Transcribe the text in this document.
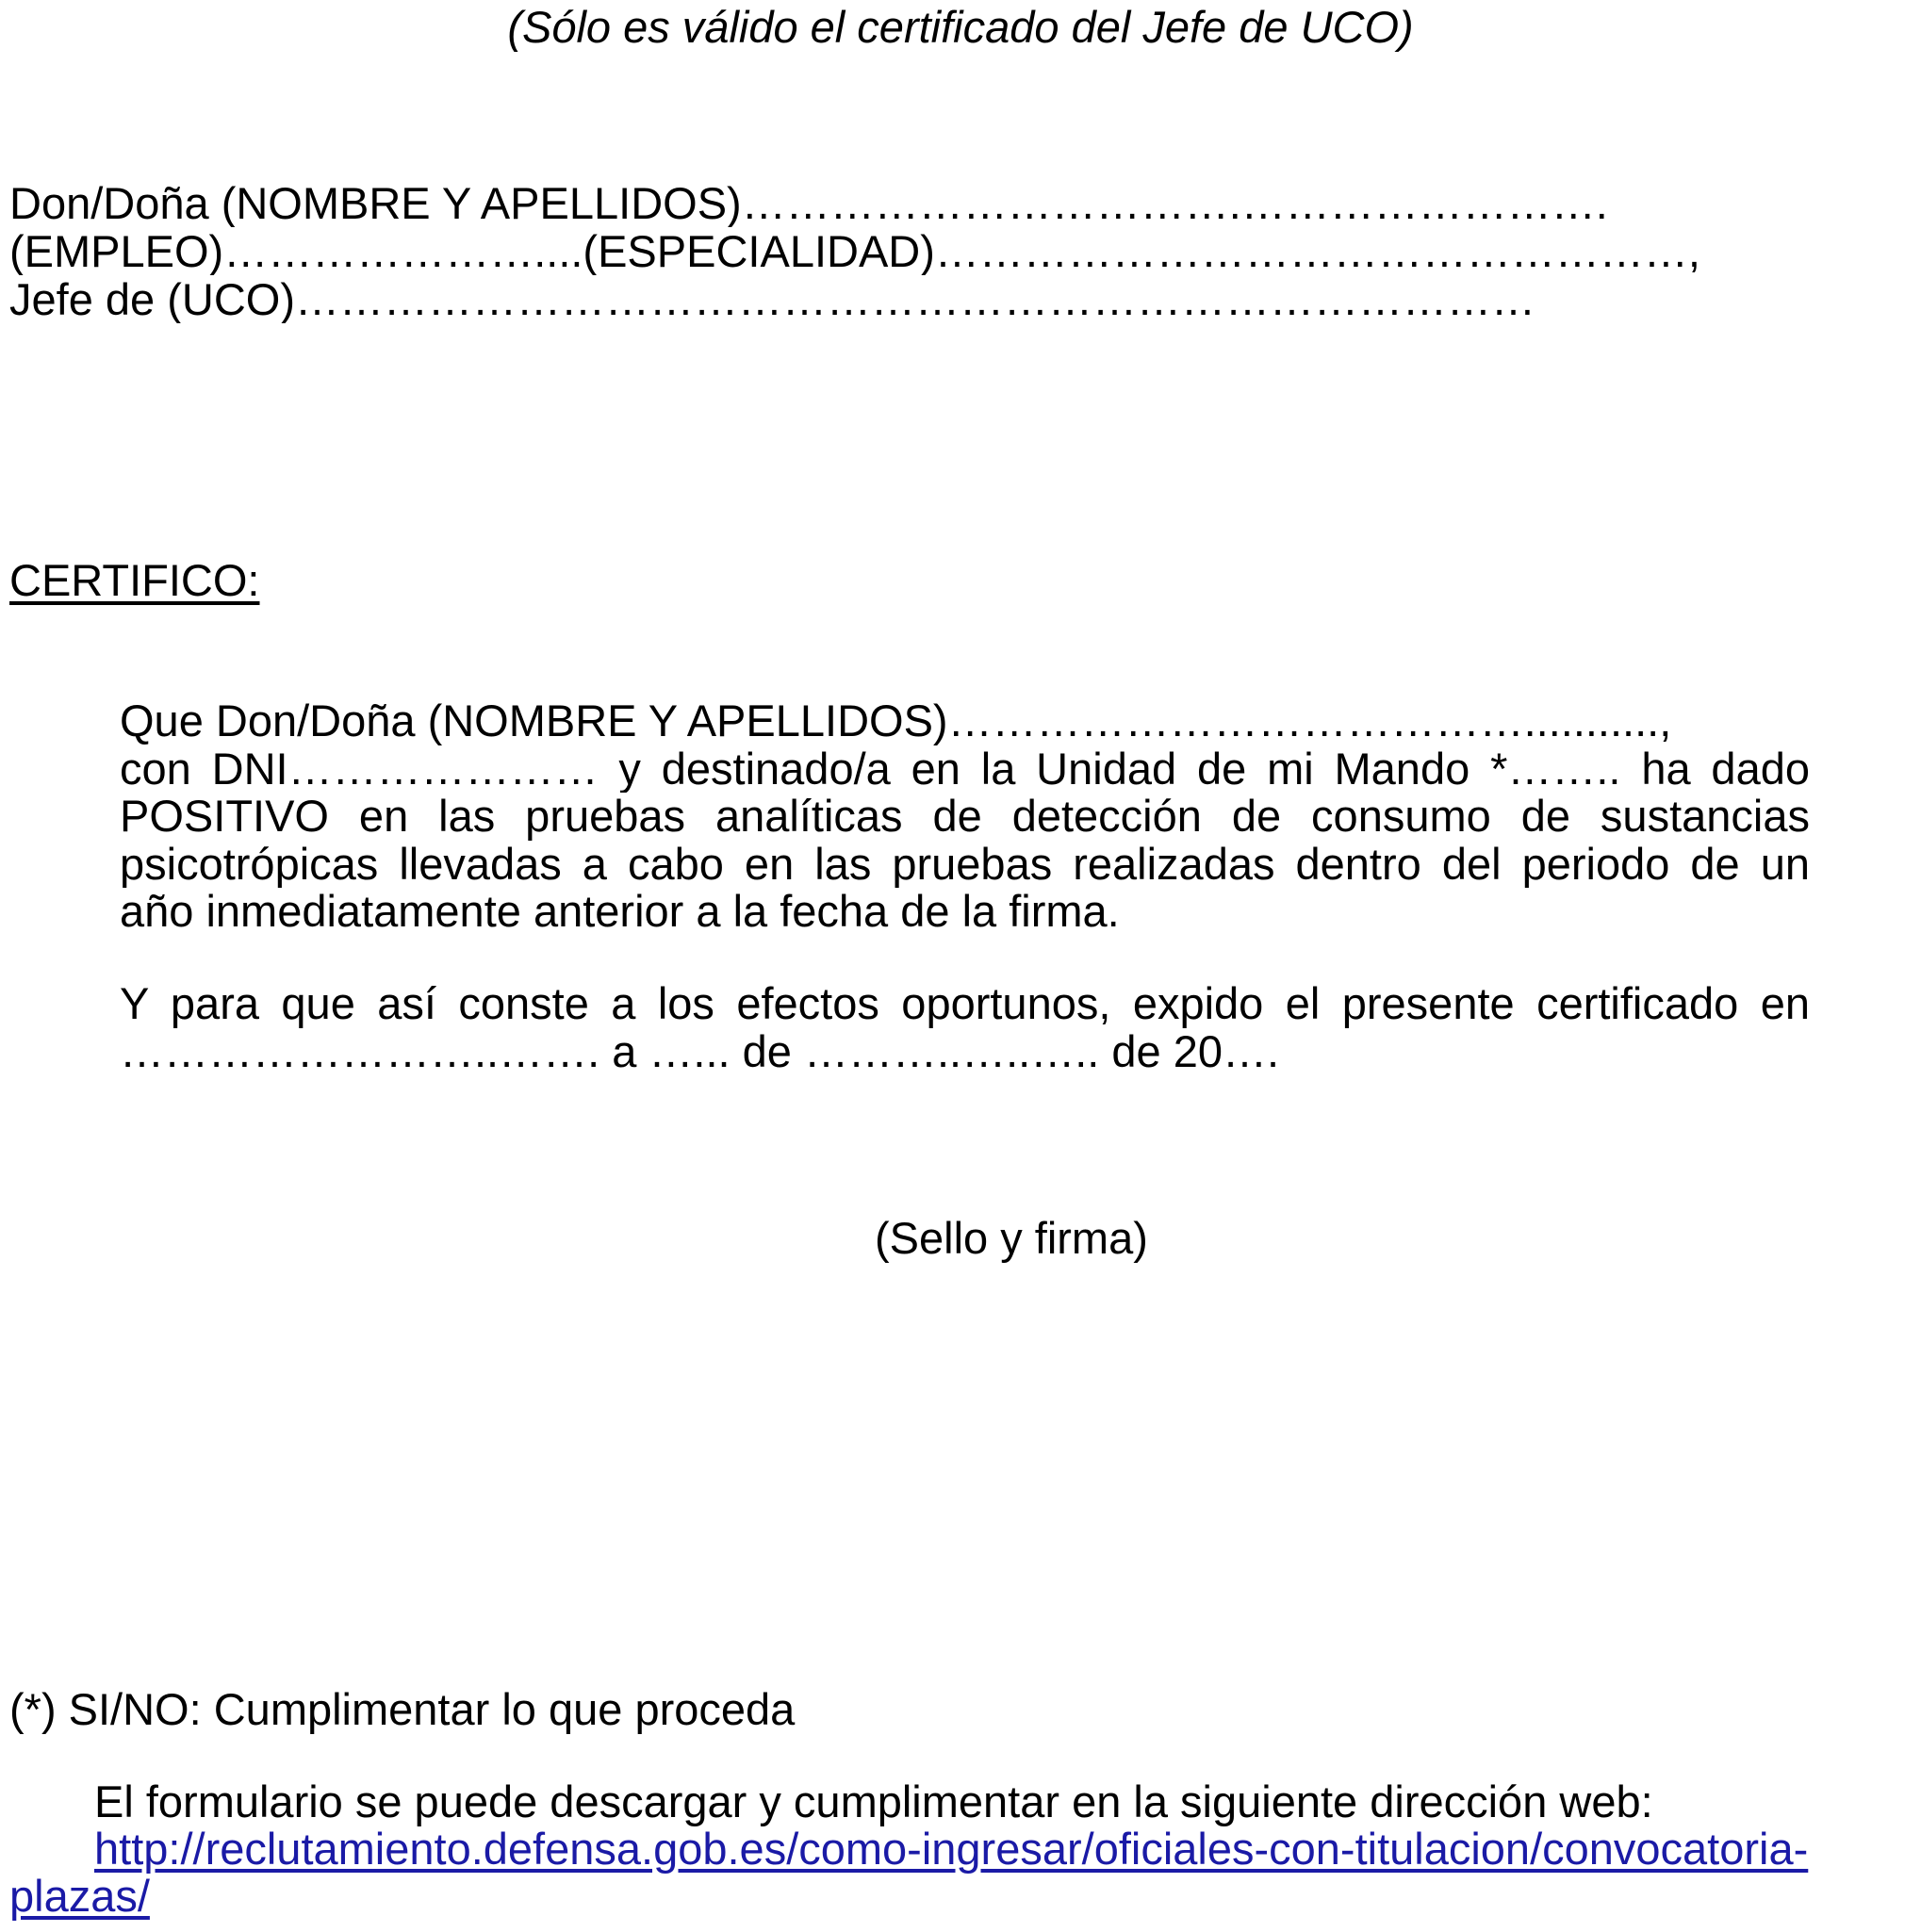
(Sólo es válido el certificado del Jefe de UCO)
Don/Doña (NOMBRE Y APELLIDOS)…………………………….…………………….
(EMPLEO)…………………....(ESPECIALIDAD)……………………………………………,
Jefe de (UCO)…………………………………………………………………………
CERTIFICO:
Que Don/Doña (NOMBRE Y APELLIDOS)…………………………………...........,
con DNI………………… y destinado/a en la Unidad de mi Mando *…….. ha dado
POSITIVO en las pruebas analíticas de detección de consumo de sustancias
psicotrópicas llevadas a cabo en las pruebas realizadas dentro del periodo de un
año inmediatamente anterior a la fecha de la firma.
Y para que así conste a los efectos oportunos, expido el presente certificado en
……………………..……. a …... de ………..…..….. de 20….
(Sello y firma)
(*) SI/NO: Cumplimentar lo que proceda
El formulario se puede descargar y cumplimentar en la siguiente dirección web:
http://reclutamiento.defensa.gob.es/como-ingresar/oficiales-con-titulacion/convocatoria-
plazas/
